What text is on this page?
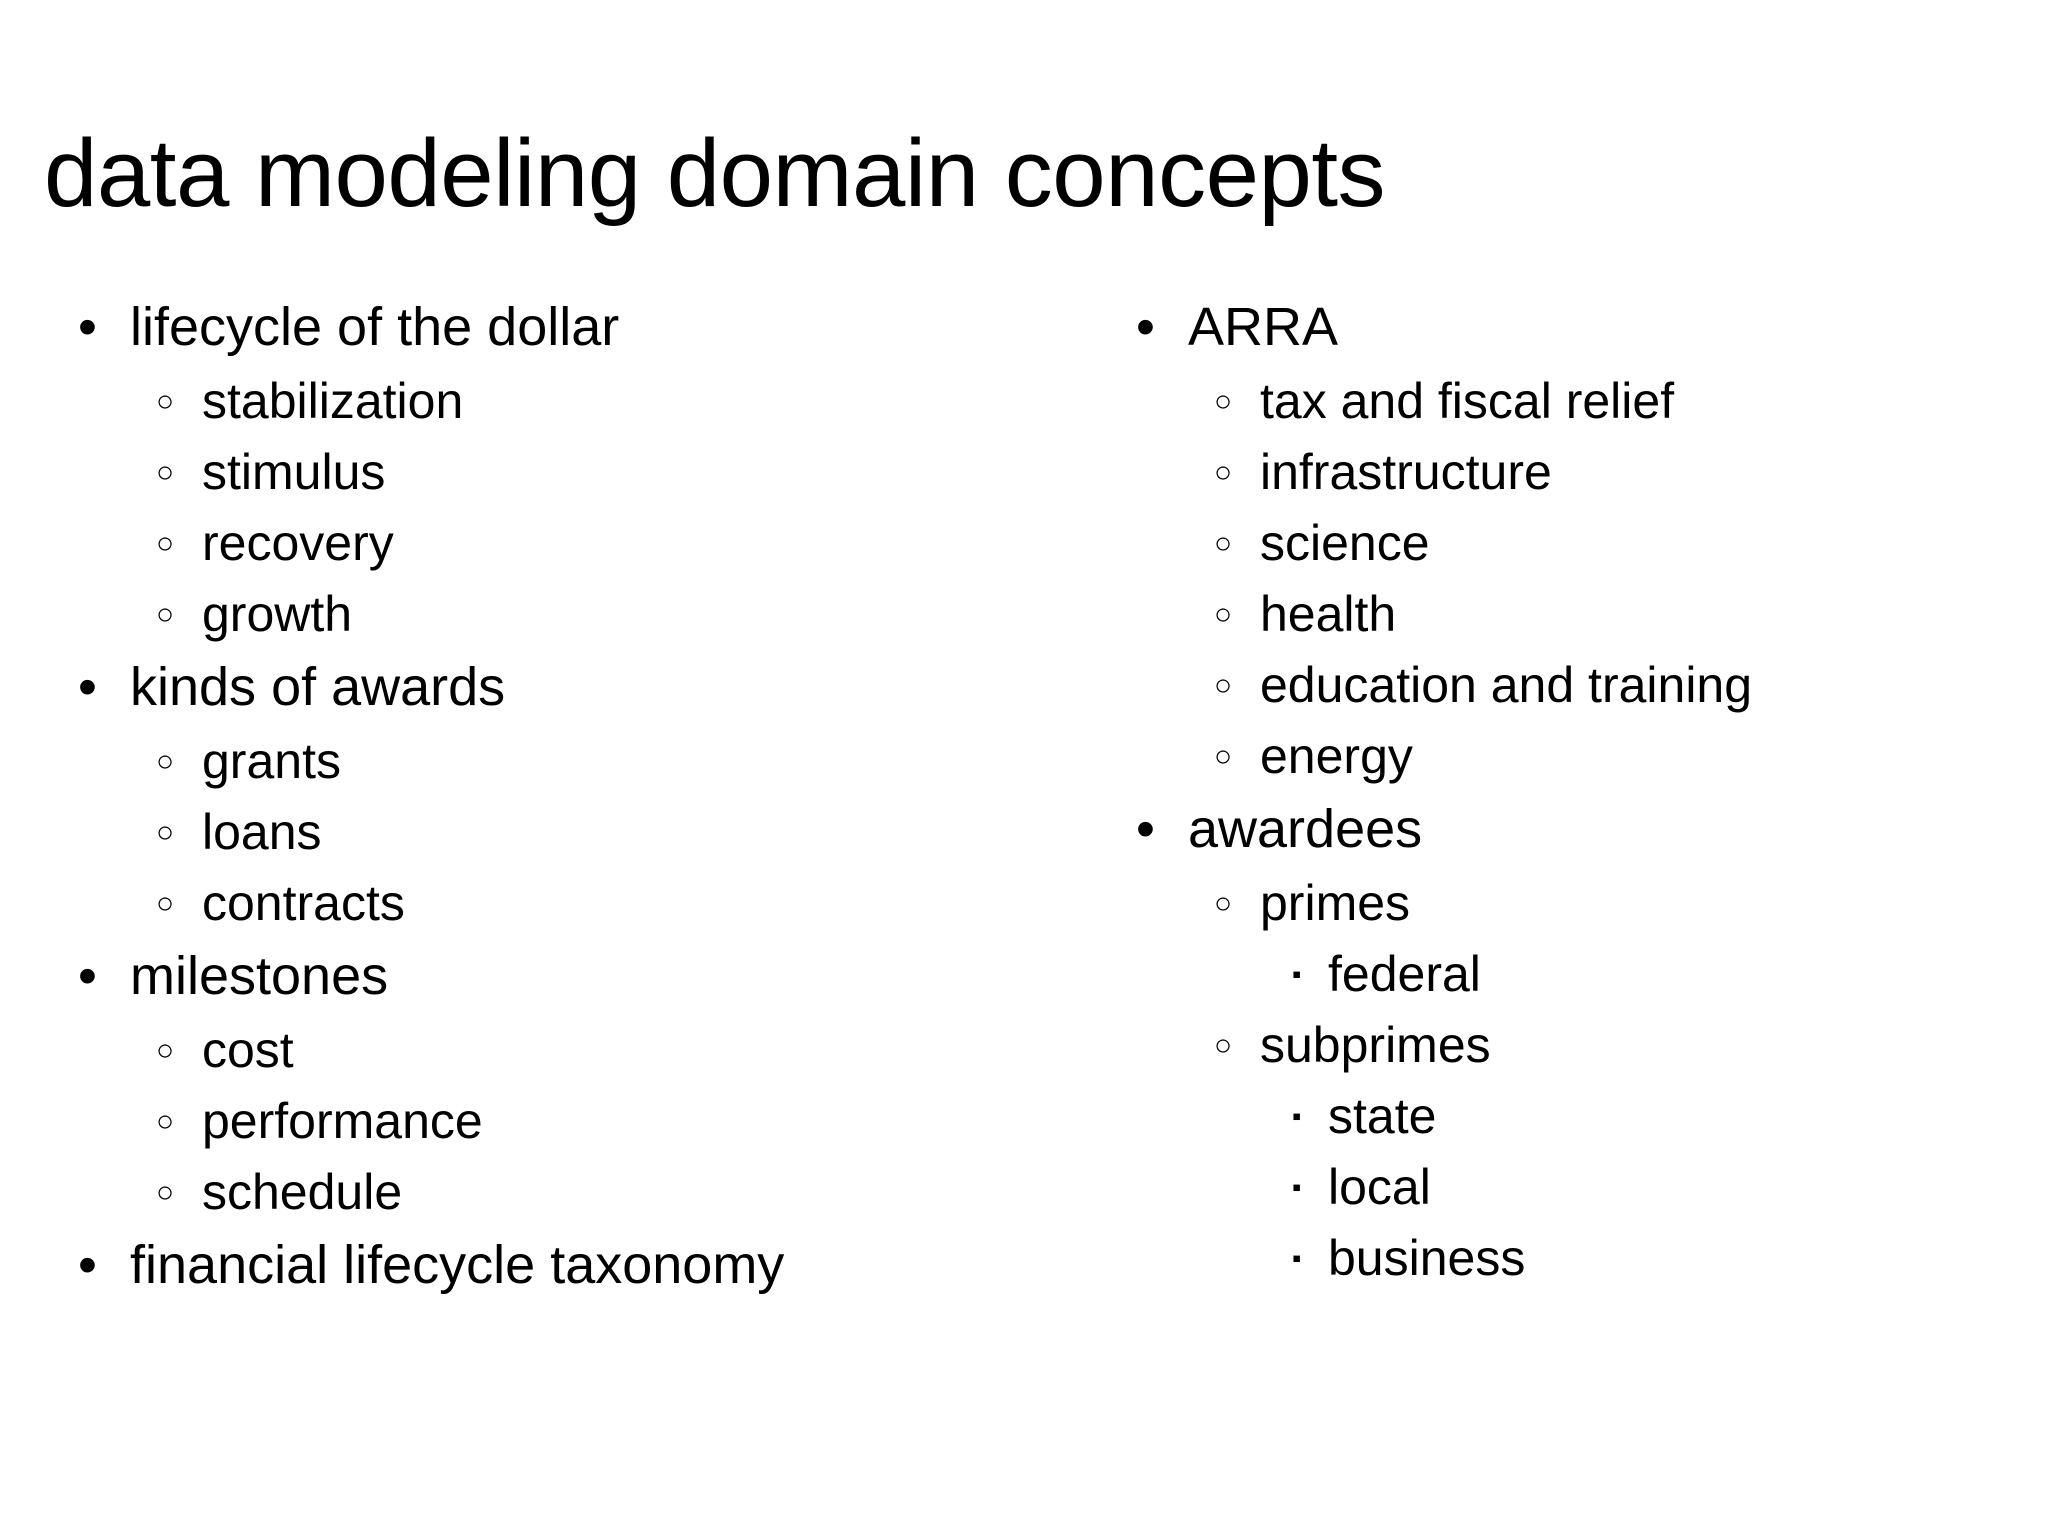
data modeling domain concepts
• lifecycle of the dollar
○ stabilization
○ stimulus
○ recovery
○ growth
• kinds of awards
○ grants
○ loans
○ contracts
• milestones
○ cost
○ performance
○ schedule
• financial lifecycle taxonomy
• ARRA
○ tax and fiscal relief
○ infrastructure
○ science
○ health
○ education and training
○ energy
• awardees
○ primes
▪ federal
○ subprimes
▪ state
▪ local
▪ business
